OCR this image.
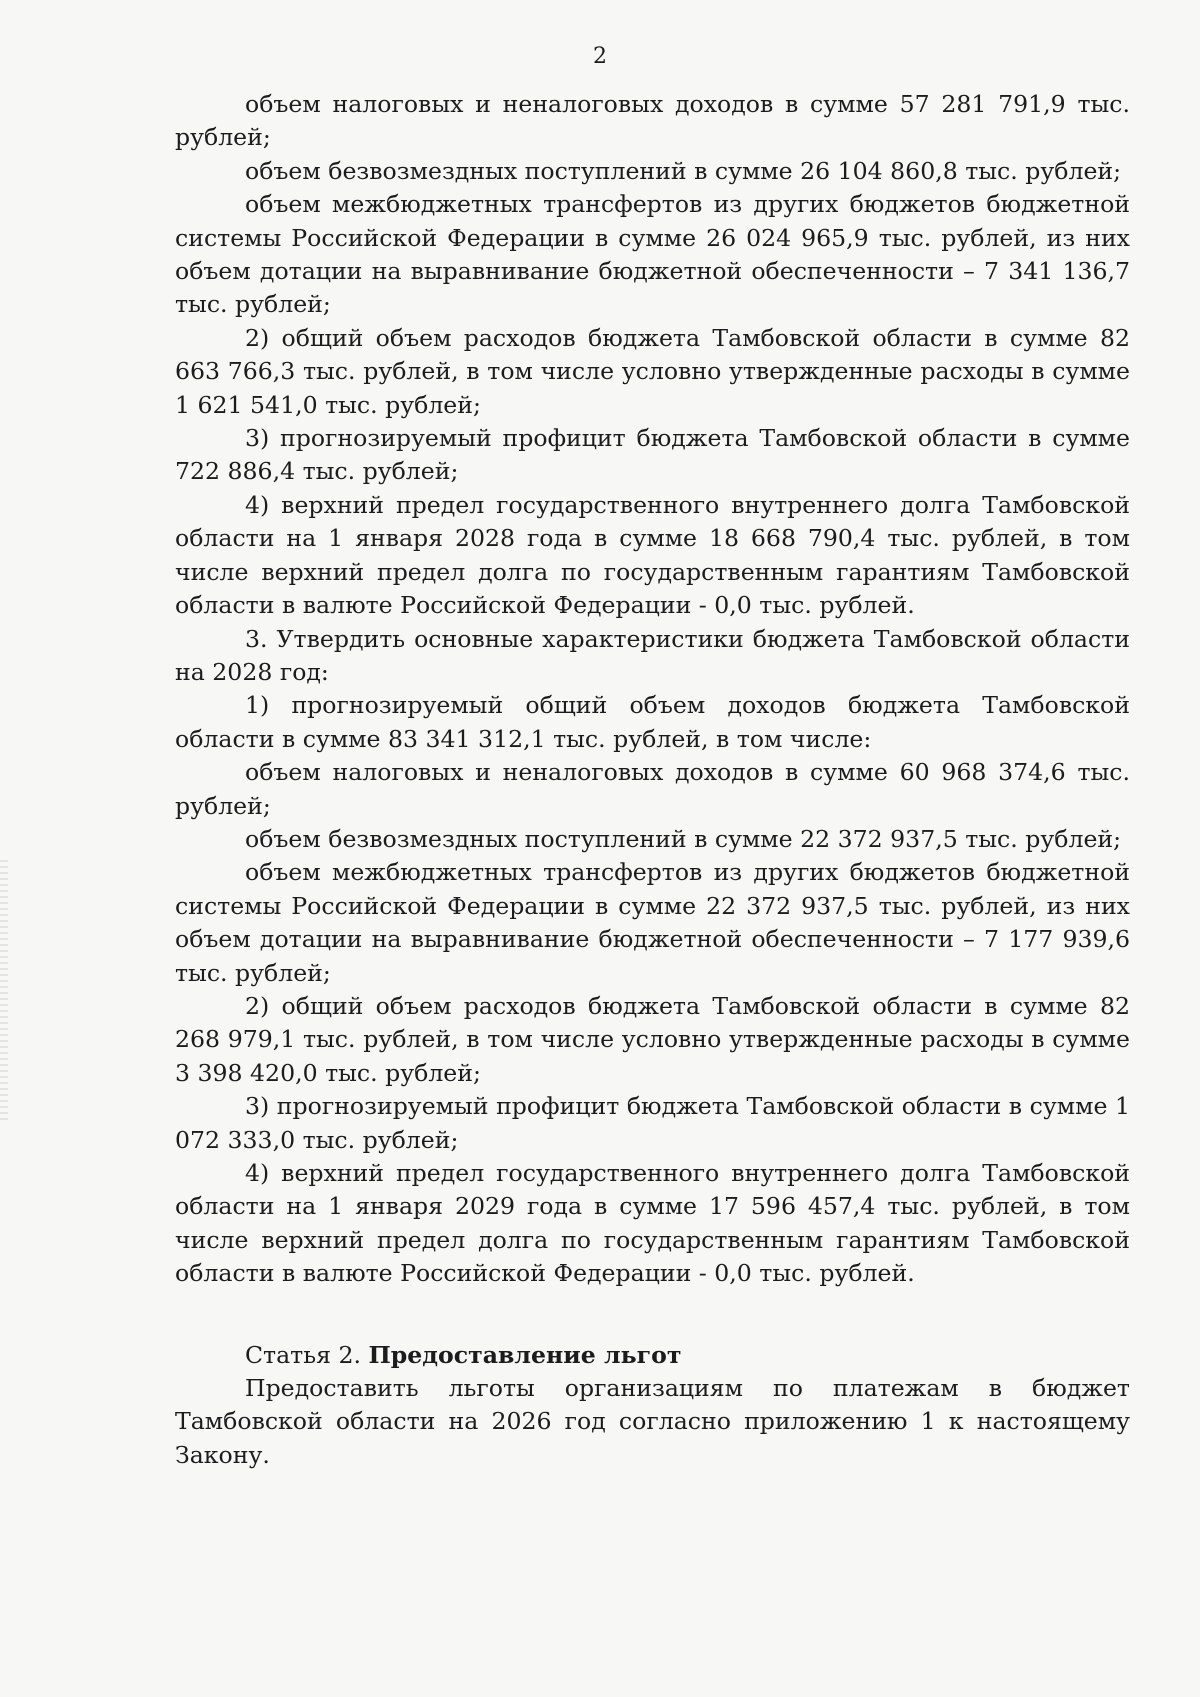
2

объем налоговых и неналоговых доходов в сумме 57 281 791,9 тыс. рублей;

объем безвозмездных поступлений в сумме 26 104 860,8 тыс. рублей;

объем межбюджетных трансфертов из других бюджетов бюджетной системы Российской Федерации в сумме 26 024 965,9 тыс. рублей, из них объем дотации на выравнивание бюджетной обеспеченности – 7 341 136,7 тыс. рублей;

2) общий объем расходов бюджета Тамбовской области в сумме 82 663 766,3 тыс. рублей, в том числе условно утвержденные расходы в сумме 1 621 541,0 тыс. рублей;

3) прогнозируемый профицит бюджета Тамбовской области в сумме 722 886,4 тыс. рублей;

4) верхний предел государственного внутреннего долга Тамбовской области на 1 января 2028 года в сумме 18 668 790,4 тыс. рублей, в том числе верхний предел долга по государственным гарантиям Тамбовской области в валюте Российской Федерации - 0,0 тыс. рублей.

3. Утвердить основные характеристики бюджета Тамбовской области на 2028 год:

1) прогнозируемый общий объем доходов бюджета Тамбовской области в сумме 83 341 312,1 тыс. рублей, в том числе:

объем налоговых и неналоговых доходов в сумме 60 968 374,6 тыс. рублей;

объем безвозмездных поступлений в сумме 22 372 937,5 тыс. рублей;

объем межбюджетных трансфертов из других бюджетов бюджетной системы Российской Федерации в сумме 22 372 937,5 тыс. рублей, из них объем дотации на выравнивание бюджетной обеспеченности – 7 177 939,6 тыс. рублей;

2) общий объем расходов бюджета Тамбовской области в сумме 82 268 979,1 тыс. рублей, в том числе условно утвержденные расходы в сумме 3 398 420,0 тыс. рублей;

3) прогнозируемый профицит бюджета Тамбовской области в сумме 1 072 333,0 тыс. рублей;

4) верхний предел государственного внутреннего долга Тамбовской области на 1 января 2029 года в сумме 17 596 457,4 тыс. рублей, в том числе верхний предел долга по государственным гарантиям Тамбовской области в валюте Российской Федерации - 0,0 тыс. рублей.

Статья 2. Предоставление льгот

Предоставить льготы организациям по платежам в бюджет Тамбовской области на 2026 год согласно приложению 1 к настоящему Закону.
